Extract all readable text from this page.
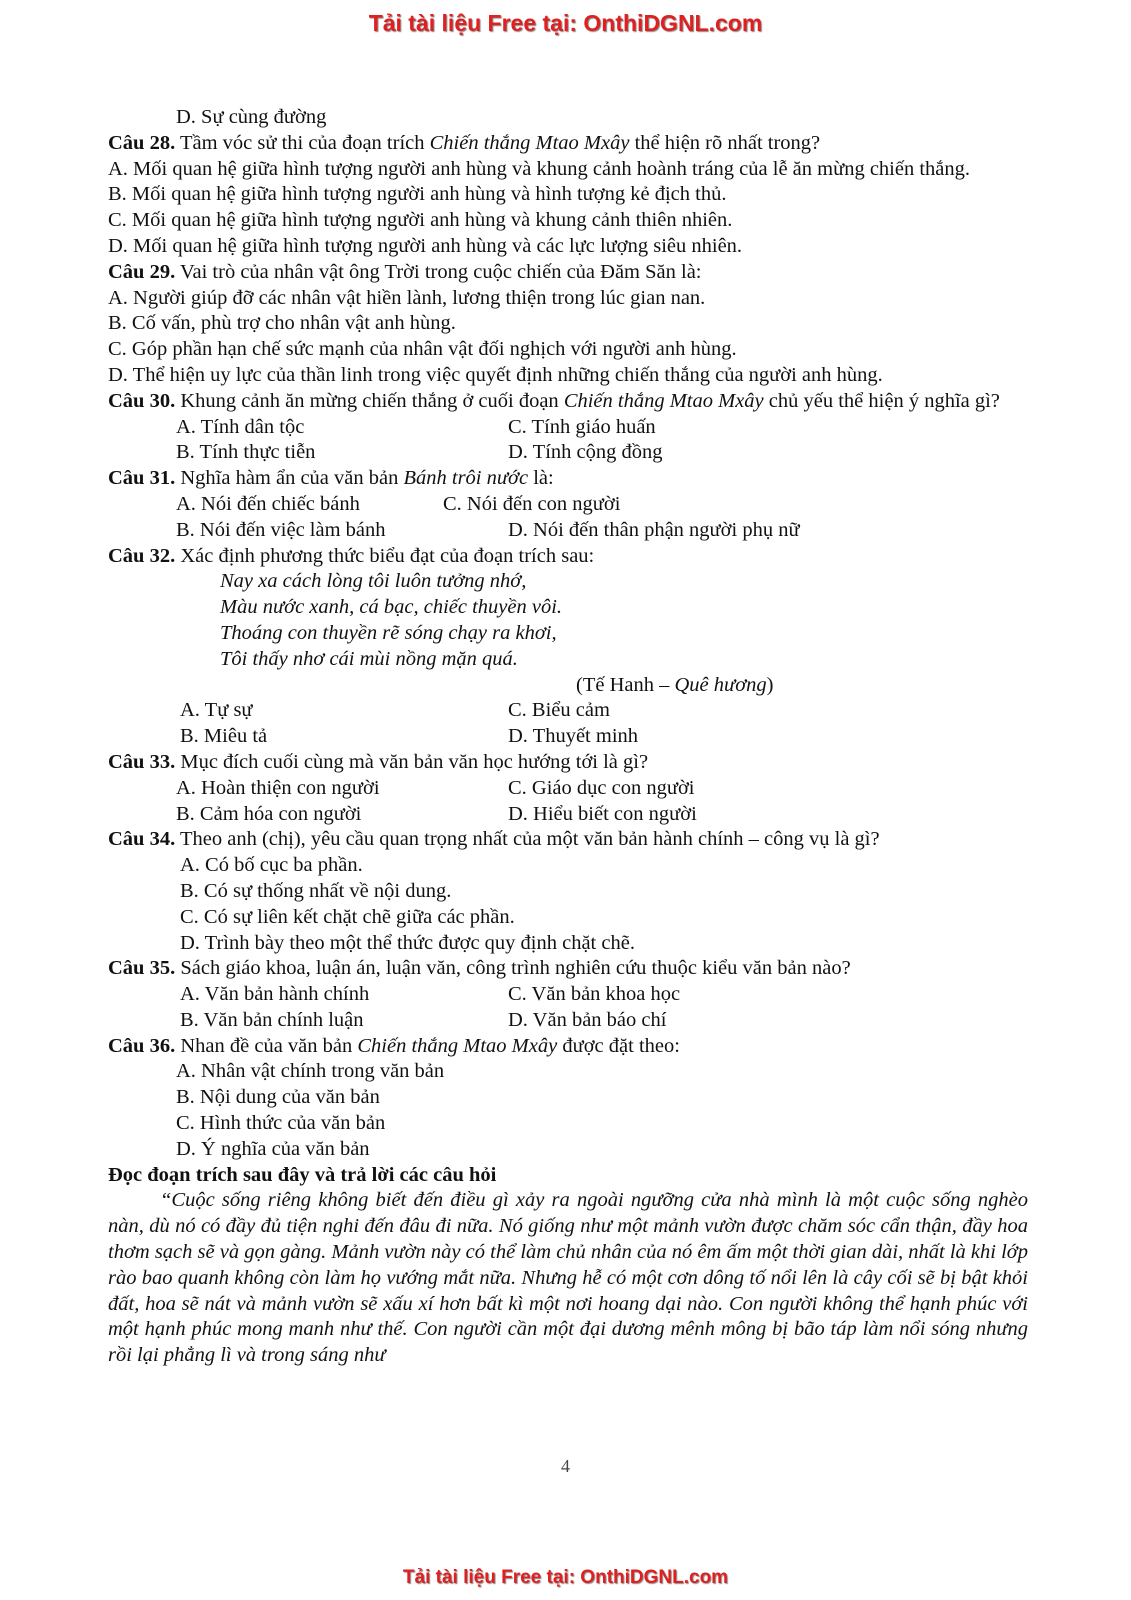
Tải tài liệu Free tại: OnthiDGNL.com
D. Sự cùng đường
Câu 28. Tầm vóc sử thi của đoạn trích Chiến thắng Mtao Mxây thể hiện rõ nhất trong?
A. Mối quan hệ giữa hình tượng người anh hùng và khung cảnh hoành tráng của lễ ăn mừng chiến thắng.
B. Mối quan hệ giữa hình tượng người anh hùng và hình tượng kẻ địch thủ.
C. Mối quan hệ giữa hình tượng người anh hùng và khung cảnh thiên nhiên.
D. Mối quan hệ giữa hình tượng người anh hùng và các lực lượng siêu nhiên.
Câu 29. Vai trò của nhân vật ông Trời trong cuộc chiến của Đăm Săn là:
A. Người giúp đỡ các nhân vật hiền lành, lương thiện trong lúc gian nan.
B. Cố vấn, phù trợ cho nhân vật anh hùng.
C. Góp phần hạn chế sức mạnh của nhân vật đối nghịch với người anh hùng.
D. Thể hiện uy lực của thần linh trong việc quyết định những chiến thắng của người anh hùng.
Câu 30. Khung cảnh ăn mừng chiến thắng ở cuối đoạn Chiến thắng Mtao Mxây chủ yếu thể hiện ý nghĩa gì?
A. Tính dân tộc	C. Tính giáo huấn
B. Tính thực tiễn	D. Tính cộng đồng
Câu 31. Nghĩa hàm ẩn của văn bản Bánh trôi nước là:
A. Nói đến chiếc bánh	C. Nói đến con người
B. Nói đến việc làm bánh	D. Nói đến thân phận người phụ nữ
Câu 32. Xác định phương thức biểu đạt của đoạn trích sau:
Nay xa cách lòng tôi luôn tưởng nhớ,
Màu nước xanh, cá bạc, chiếc thuyền vôi.
Thoáng con thuyền rẽ sóng chạy ra khơi,
Tôi thấy nhơ cái mùi nồng mặn quá.
(Tế Hanh – Quê hương)
A. Tự sự	C. Biểu cảm
B. Miêu tả	D. Thuyết minh
Câu 33. Mục đích cuối cùng mà văn bản văn học hướng tới là gì?
A. Hoàn thiện con người	C. Giáo dục con người
B. Cảm hóa con người	D. Hiểu biết con người
Câu 34. Theo anh (chị), yêu cầu quan trọng nhất của một văn bản hành chính – công vụ là gì?
A. Có bố cục ba phần.
B. Có sự thống nhất về nội dung.
C. Có sự liên kết chặt chẽ giữa các phần.
D. Trình bày theo một thể thức được quy định chặt chẽ.
Câu 35. Sách giáo khoa, luận án, luận văn, công trình nghiên cứu thuộc kiểu văn bản nào?
A. Văn bản hành chính	C. Văn bản khoa học
B. Văn bản chính luận	D. Văn bản báo chí
Câu 36. Nhan đề của văn bản Chiến thắng Mtao Mxây được đặt theo:
A. Nhân vật chính trong văn bản
B. Nội dung của văn bản
C. Hình thức của văn bản
D. Ý nghĩa của văn bản
Đọc đoạn trích sau đây và trả lời các câu hỏi
“Cuộc sống riêng không biết đến điều gì xảy ra ngoài ngưỡng cửa nhà mình là một cuộc sống nghèo nàn, dù nó có đầy đủ tiện nghi đến đâu đi nữa. Nó giống như một mảnh vườn được chăm sóc cẩn thận, đầy hoa thơm sạch sẽ và gọn gàng. Mảnh vườn này có thể làm chủ nhân của nó êm ấm một thời gian dài, nhất là khi lớp rào bao quanh không còn làm họ vướng mắt nữa. Nhưng hễ có một cơn dông tố nổi lên là cây cối sẽ bị bật khỏi đất, hoa sẽ nát và mảnh vườn sẽ xấu xí hơn bất kì một nơi hoang dại nào. Con người không thể hạnh phúc với một hạnh phúc mong manh như thế. Con người cần một đại dương mênh mông bị bão táp làm nổi sóng nhưng rồi lại phẳng lì và trong sáng như
4
Tải tài liệu Free tại: OnthiDGNL.com
